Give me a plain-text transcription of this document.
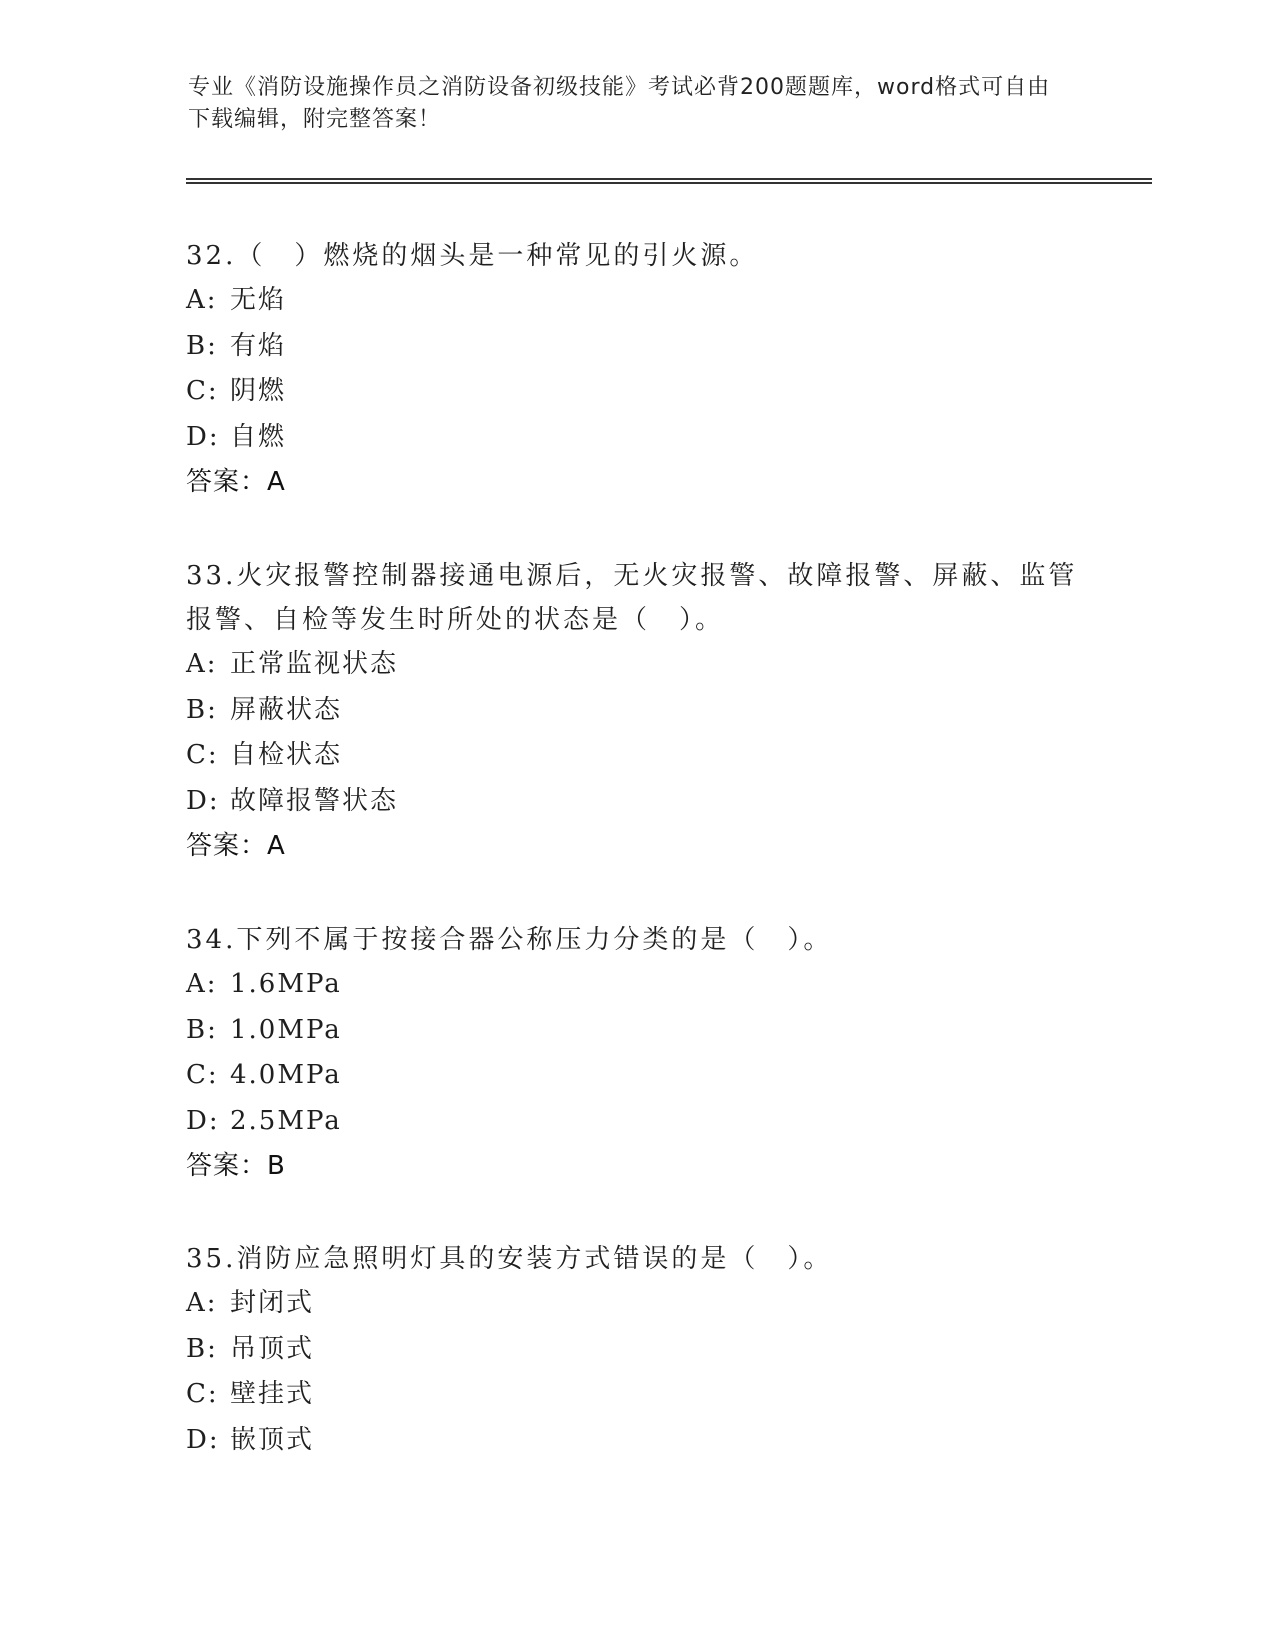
专业《消防设施操作员之消防设备初级技能》考试必背200题题库，word格式可自由下载编辑，附完整答案！

32.（　）燃烧的烟头是一种常见的引火源。

A: 无焰
B: 有焰
C: 阴燃
D: 自燃
答案：A

33.火灾报警控制器接通电源后，无火灾报警、故障报警、屏蔽、监管报警、自检等发生时所处的状态是（　）。

A: 正常监视状态
B: 屏蔽状态
C: 自检状态
D: 故障报警状态
答案：A

34.下列不属于按接合器公称压力分类的是（　）。

A: 1.6MPa
B: 1.0MPa
C: 4.0MPa
D: 2.5MPa
答案：B

35.消防应急照明灯具的安装方式错误的是（　）。

A: 封闭式
B: 吊顶式
C: 壁挂式
D: 嵌顶式
